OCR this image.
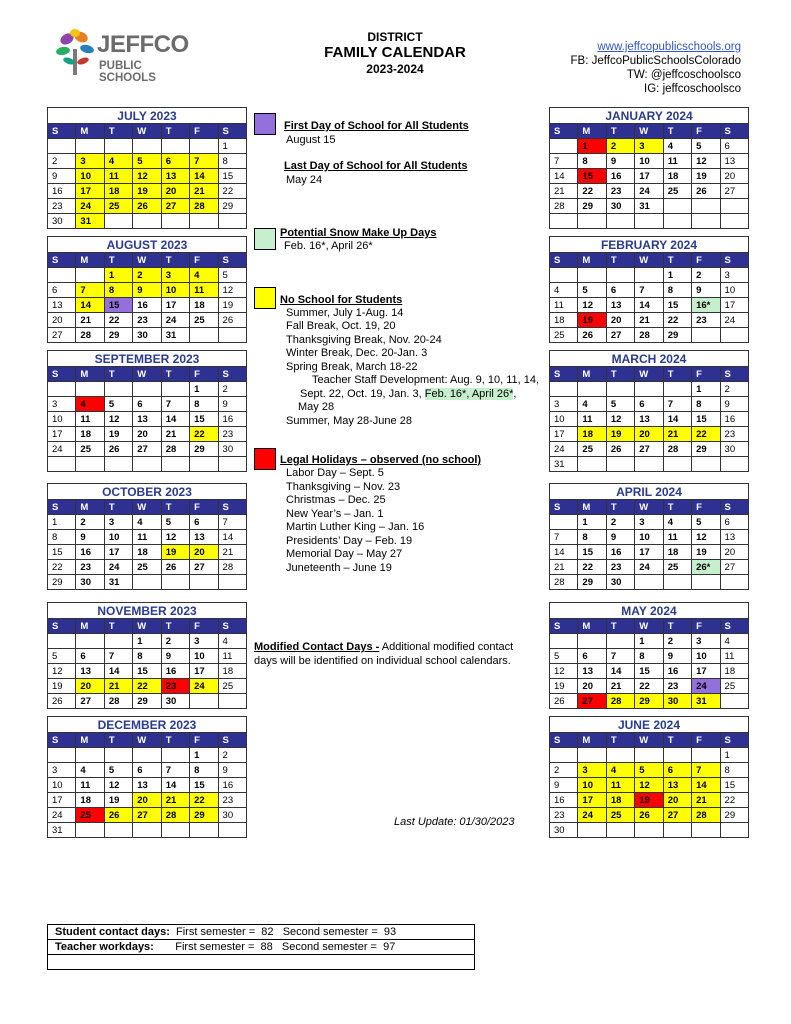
JEFFCO
PUBLIC SCHOOLS
DISTRICT
FAMILY CALENDAR
2023-2024
www.jeffcopublicschools.org
FB: JeffcoPublicSchoolsColorado
TW: @jeffcoschoolsco
IG: jeffcoschoolsco
JULY 2023
S	M	T	W	T	F	S
						1
2	3	4	5	6	7	8
9	10	11	12	13	14	15
16	17	18	19	20	21	22
23	24	25	26	27	28	29
30	31					
AUGUST 2023
S	M	T	W	T	F	S
		1	2	3	4	5
6	7	8	9	10	11	12
13	14	15	16	17	18	19
20	21	22	23	24	25	26
27	28	29	30	31		
SEPTEMBER 2023
S	M	T	W	T	F	S
					1	2
3	4	5	6	7	8	9
10	11	12	13	14	15	16
17	18	19	20	21	22	23
24	25	26	27	28	29	30

OCTOBER 2023
S	M	T	W	T	F	S
1	2	3	4	5	6	7
8	9	10	11	12	13	14
15	16	17	18	19	20	21
22	23	24	25	26	27	28
29	30	31				
NOVEMBER 2023
S	M	T	W	T	F	S
			1	2	3	4
5	6	7	8	9	10	11
12	13	14	15	16	17	18
19	20	21	22	23	24	25
26	27	28	29	30		
DECEMBER 2023
S	M	T	W	T	F	S
					1	2
3	4	5	6	7	8	9
10	11	12	13	14	15	16
17	18	19	20	21	22	23
24	25	26	27	28	29	30
31						
JANUARY 2024
S	M	T	W	T	F	S
	1	2	3	4	5	6
7	8	9	10	11	12	13
14	15	16	17	18	19	20
21	22	23	24	25	26	27
28	29	30	31			

FEBRUARY 2024
S	M	T	W	T	F	S
				1	2	3
4	5	6	7	8	9	10
11	12	13	14	15	16*	17
18	19	20	21	22	23	24
25	26	27	28	29		
MARCH 2024
S	M	T	W	T	F	S
					1	2
3	4	5	6	7	8	9
10	11	12	13	14	15	16
17	18	19	20	21	22	23
24	25	26	27	28	29	30
31						
APRIL 2024
S	M	T	W	T	F	S
	1	2	3	4	5	6
7	8	9	10	11	12	13
14	15	16	17	18	19	20
21	22	23	24	25	26*	27
28	29	30				
MAY 2024
S	M	T	W	T	F	S
			1	2	3	4
5	6	7	8	9	10	11
12	13	14	15	16	17	18
19	20	21	22	23	24	25
26	27	28	29	30	31	
JUNE 2024
S	M	T	W	T	F	S
						1
2	3	4	5	6	7	8
9	10	11	12	13	14	15
16	17	18	19	20	21	22
23	24	25	26	27	28	29
30						
First Day of School for All Students
August 15
Last Day of School for All Students
May 24
Potential Snow Make Up Days
Feb. 16*, April 26*
No School for Students
Summer, July 1-Aug. 14
Fall Break, Oct. 19, 20
Thanksgiving Break, Nov. 20-24
Winter Break, Dec. 20-Jan. 3
Spring Break, March 18-22
Teacher Staff Development: Aug. 9, 10, 11, 14,
Sept. 22, Oct. 19, Jan. 3, Feb. 16*, April 26*,
May 28
Summer, May 28-June 28
Legal Holidays – observed (no school)
Labor Day – Sept. 5
Thanksgiving – Nov. 23
Christmas – Dec. 25
New Year’s – Jan. 1
Martin Luther King – Jan. 16
Presidents’ Day – Feb. 19
Memorial Day – May 27
Juneteenth – June 19
Modified Contact Days - Additional modified contact
days will be identified on individual school calendars.
Last Update: 01/30/2023
Student contact days:  First semester =  82   Second semester =  93
Teacher workdays:       First semester =  88   Second semester =  97
